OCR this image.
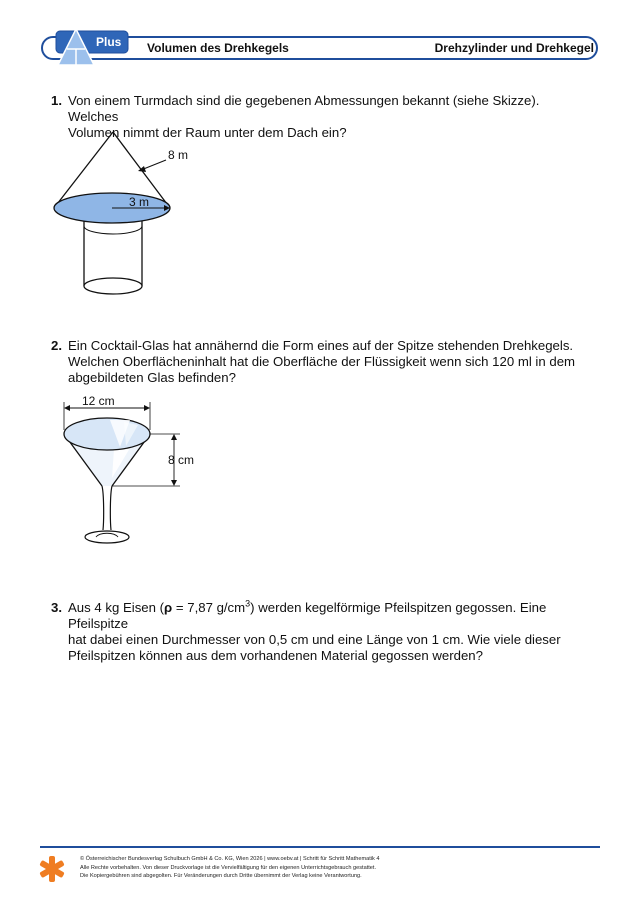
Plus Volumen des Drehkegels	Drehzylinder und Drehkegel
1. Von einem Turmdach sind die gegebenen Abmessungen bekannt (siehe Skizze). Welches
Volumen nimmt der Raum unter dem Dach ein?
3 m
8 m
2. Ein Cocktail-Glas hat annähernd die Form eines auf der Spitze stehenden Drehkegels.
Welchen Oberflächeninhalt hat die Oberfläche der Flüssigkeit wenn sich 120 ml in dem
abgebildeten Glas befinden?
12 cm
8 cm
3. Aus 4 kg Eisen (ρ = 7,87 $g/cm^3$) werden kegelförmige Pfeilspitzen gegossen. Eine Pfeilspitze
hat dabei einen Durchmesser von 0,5 cm und eine Länge von 1 cm. Wie viele dieser
Pfeilspitzen können aus dem vorhandenen Material gegossen werden?
© Österreichischer Bundesverlag Schulbuch GmbH & Co. KG, Wien 2026 | www.oebv.at | Schritt für Schritt Mathematik 4
Alle Rechte vorbehalten. Von dieser Druckvorlage ist die Vervielfältigung für den eigenen Unterrichtsgebrauch gestattet.
Die Kopiergebühren sind abgegolten. Für Veränderungen durch Dritte übernimmt der Verlag keine Verantwortung.
